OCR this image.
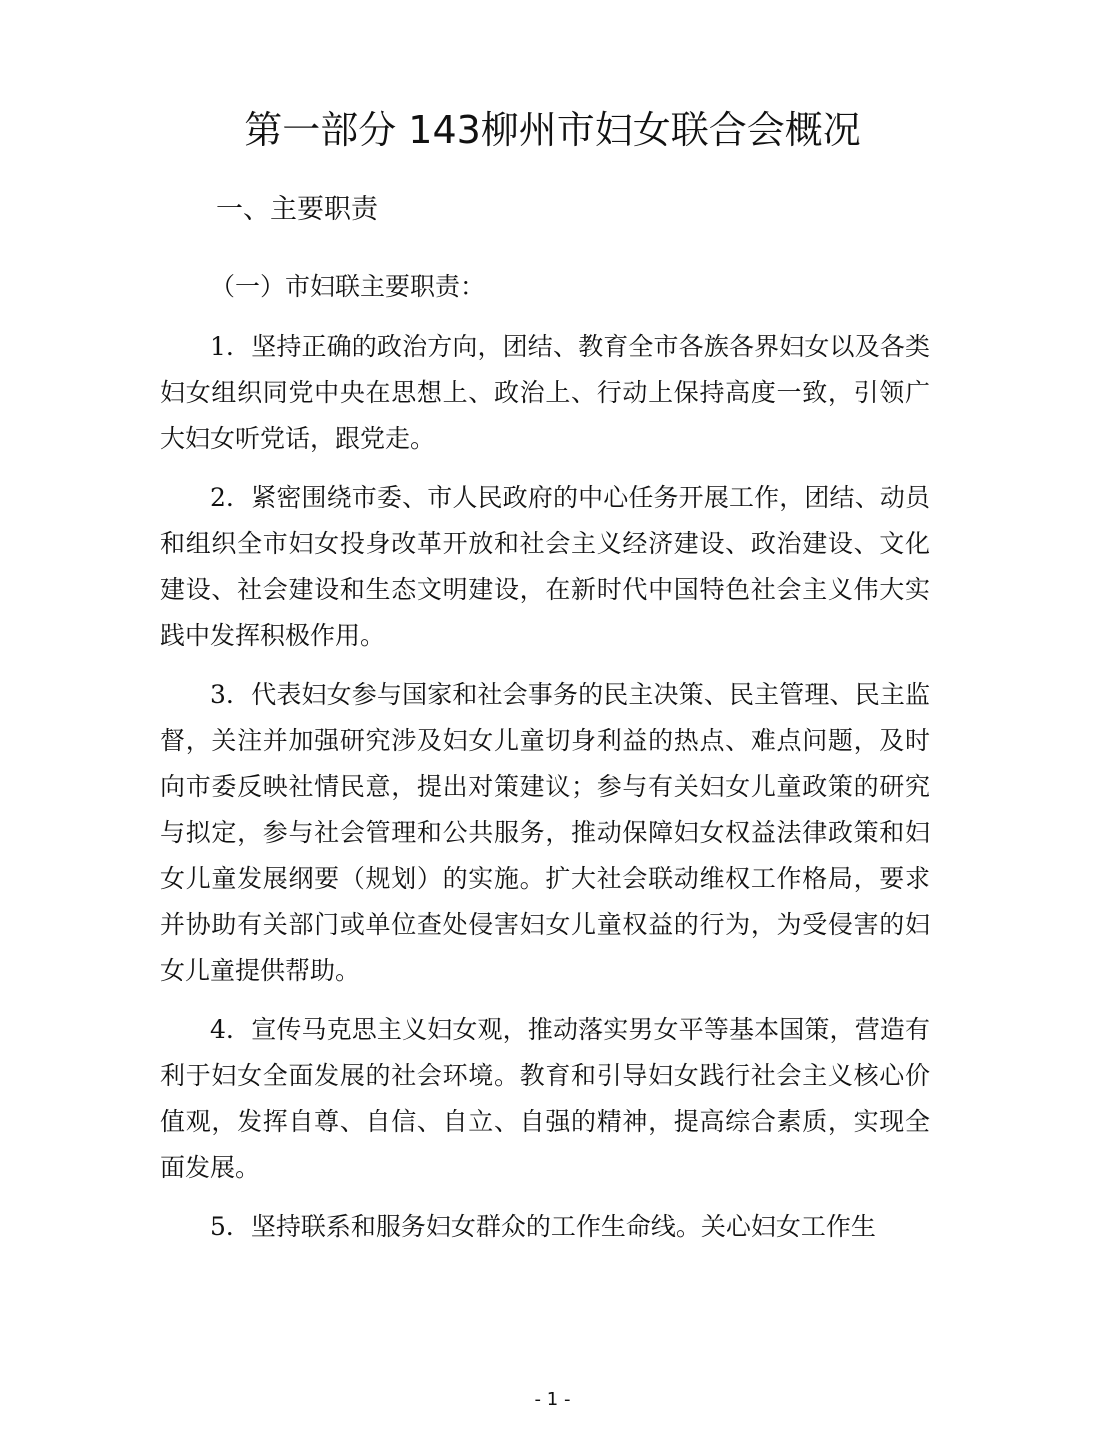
第一部分 143柳州市妇女联合会概况
一、主要职责

（一）市妇联主要职责：

1．坚持正确的政治方向，团结、教育全市各族各界妇女以及各类妇女组织同党中央在思想上、政治上、行动上保持高度一致，引领广大妇女听党话，跟党走。

2．紧密围绕市委、市人民政府的中心任务开展工作，团结、动员和组织全市妇女投身改革开放和社会主义经济建设、政治建设、文化建设、社会建设和生态文明建设，在新时代中国特色社会主义伟大实践中发挥积极作用。

3．代表妇女参与国家和社会事务的民主决策、民主管理、民主监督，关注并加强研究涉及妇女儿童切身利益的热点、难点问题，及时向市委反映社情民意，提出对策建议；参与有关妇女儿童政策的研究与拟定，参与社会管理和公共服务，推动保障妇女权益法律政策和妇女儿童发展纲要（规划）的实施。扩大社会联动维权工作格局，要求并协助有关部门或单位查处侵害妇女儿童权益的行为，为受侵害的妇女儿童提供帮助。

4．宣传马克思主义妇女观，推动落实男女平等基本国策，营造有利于妇女全面发展的社会环境。教育和引导妇女践行社会主义核心价值观，发挥自尊、自信、自立、自强的精神，提高综合素质，实现全面发展。

5．坚持联系和服务妇女群众的工作生命线。关心妇女工作生

- 1 -
